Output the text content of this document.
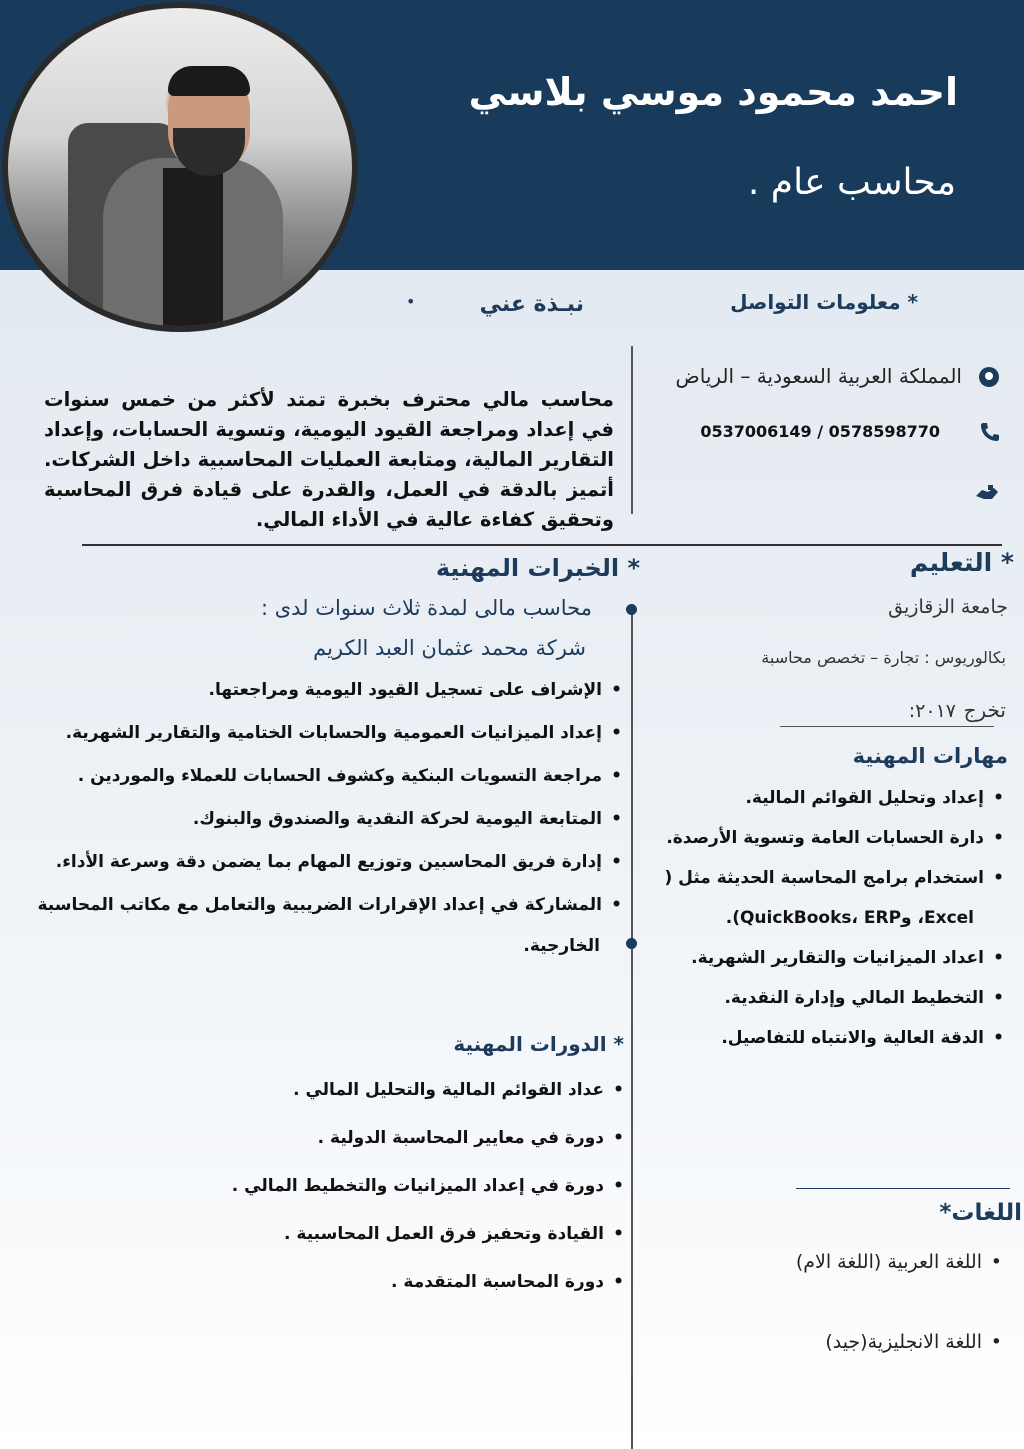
احمد محمود موسي بلاسي
محاسب عام .
* معلومات التواصل
المملكة العربية السعودية – الرياض
0537006149 / 0578598770
نبـذة عني
•
محاسب مالي محترف بخبرة تمتد لأكثر من خمس سنوات في إعداد ومراجعة القيود اليومية، وتسوية الحسابات، وإعداد التقارير المالية، ومتابعة العمليات المحاسبية داخل الشركات. أتميز بالدقة في العمل، والقدرة على قيادة فرق المحاسبة وتحقيق كفاءة عالية في الأداء المالي.
* التعليم
جامعة الزقازيق
بكالوريوس : تجارة – تخصص محاسبة
تخرج
:٢٠١٧
مهارات المهنية
• إعداد وتحليل القوائم المالية.
• دارة الحسابات العامة وتسوية الأرصدة.
• استخدام برامج المحاسبة الحديثة مثل (
Excel، وQuickBooks، ERP).
• اعداد الميزانيات والتقارير الشهرية.
• التخطيط المالي وإدارة النقدية.
• الدقة العالية والانتباه للتفاصيل.
* الخبرات المهنية
محاسب مالى لمدة ثلاث سنوات لدى :
شركة محمد عثمان العبد الكريم
• الإشراف على تسجيل القيود اليومية ومراجعتها.
• إعداد الميزانيات العمومية والحسابات الختامية والتقارير الشهرية.
• مراجعة التسويات البنكية وكشوف الحسابات للعملاء والموردين .
• المتابعة اليومية لحركة النقدية والصندوق والبنوك.
• إدارة فريق المحاسبين وتوزيع المهام بما يضمن دقة وسرعة الأداء.
• المشاركة في إعداد الإقرارات الضريبية والتعامل مع مكاتب المحاسبة
الخارجية.
* الدورات المهنية
• عداد القوائم المالية والتحليل المالي .
• دورة في معايير المحاسبة الدولية .
• دورة في إعداد الميزانيات والتخطيط المالي .
• القيادة وتحفيز فرق العمل المحاسبية .
• دورة المحاسبة المتقدمة .
اللغات*
• اللغة العربية (اللغة الام)
• اللغة الانجليزية(جيد)
